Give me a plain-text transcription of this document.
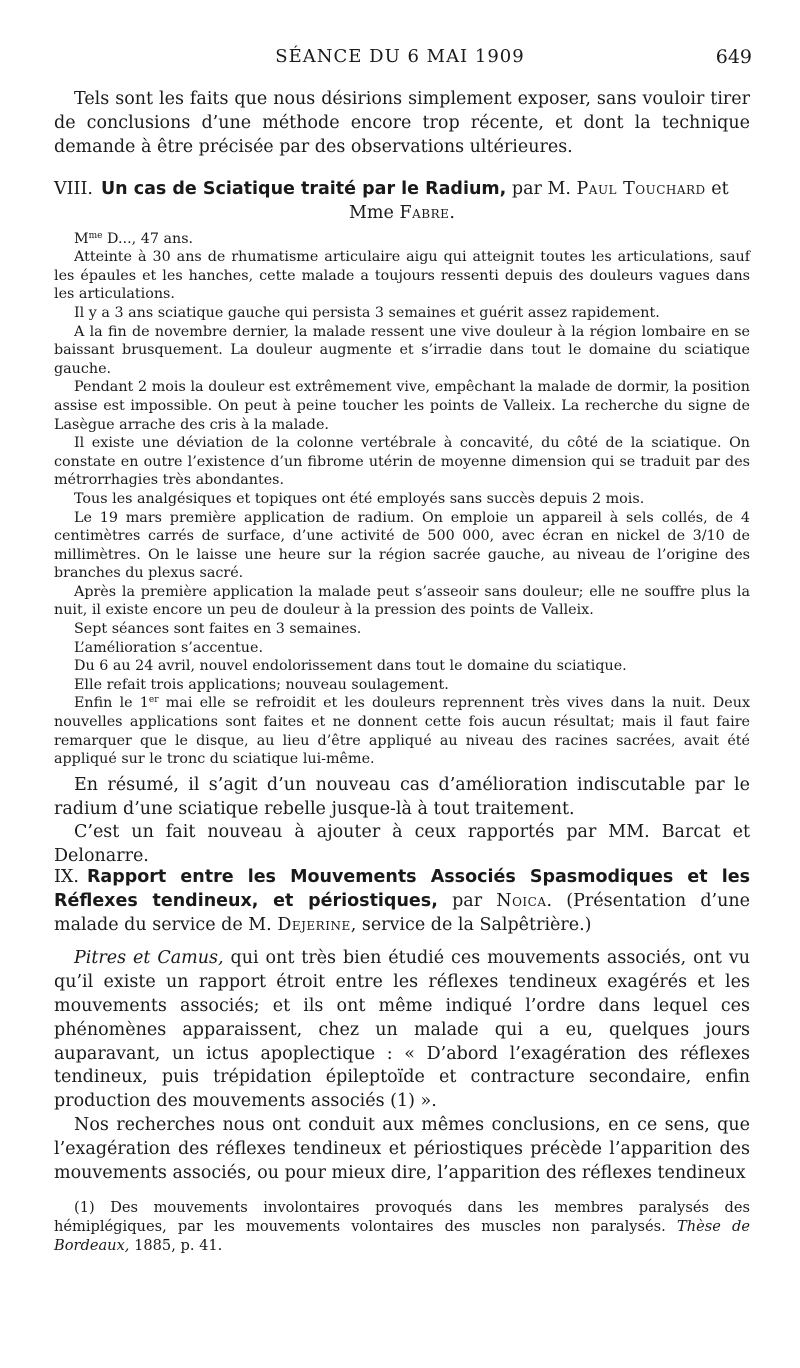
SÉANCE DU 6 MAI 1909	649

Tels sont les faits que nous désirions simplement exposer, sans vouloir tirer de conclusions d’une méthode encore trop récente, et dont la technique demande à être précisée par des observations ultérieures.

VIII. Un cas de Sciatique traité par le Radium, par M. Paul Touchard et
Mme Fabre.

$M^{me}$ D..., 47 ans.

Atteinte à 30 ans de rhumatisme articulaire aigu qui atteignit toutes les articulations, sauf les épaules et les hanches, cette malade a toujours ressenti depuis des douleurs vagues dans les articulations.

Il y a 3 ans sciatique gauche qui persista 3 semaines et guérit assez rapidement.

A la fin de novembre dernier, la malade ressent une vive douleur à la région lombaire en se baissant brusquement. La douleur augmente et s’irradie dans tout le domaine du sciatique gauche.

Pendant 2 mois la douleur est extrêmement vive, empêchant la malade de dormir, la position assise est impossible. On peut à peine toucher les points de Valleix. La recherche du signe de Lasègue arrache des cris à la malade.

Il existe une déviation de la colonne vertébrale à concavité, du côté de la sciatique. On constate en outre l’existence d’un fibrome utérin de moyenne dimension qui se traduit par des métrorrhagies très abondantes.

Tous les analgésiques et topiques ont été employés sans succès depuis 2 mois.

Le 19 mars première application de radium. On emploie un appareil à sels collés, de 4 centimètres carrés de surface, d’une activité de 500 000, avec écran en nickel de 3/10 de millimètres. On le laisse une heure sur la région sacrée gauche, au niveau de l’origine des branches du plexus sacré.

Après la première application la malade peut s’asseoir sans douleur; elle ne souffre plus la nuit, il existe encore un peu de douleur à la pression des points de Valleix.

Sept séances sont faites en 3 semaines.

L’amélioration s’accentue.

Du 6 au 24 avril, nouvel endolorissement dans tout le domaine du sciatique.

Elle refait trois applications; nouveau soulagement.

Enfin le 1er mai elle se refroidit et les douleurs reprennent très vives dans la nuit. Deux nouvelles applications sont faites et ne donnent cette fois aucun résultat; mais il faut faire remarquer que le disque, au lieu d’être appliqué au niveau des racines sacrées, avait été appliqué sur le tronc du sciatique lui-même.

En résumé, il s’agit d’un nouveau cas d’amélioration indiscutable par le radium d’une sciatique rebelle jusque-là à tout traitement.

C’est un fait nouveau à ajouter à ceux rapportés par MM. Barcat et Delonarre.

IX. Rapport entre les Mouvements Associés Spasmodiques et les Réflexes tendineux, et périostiques, par Noica. (Présentation d’une malade du service de M. Dejerine, service de la Salpêtrière.)

Pitres et Camus, qui ont très bien étudié ces mouvements associés, ont vu qu’il existe un rapport étroit entre les réflexes tendineux exagérés et les mouvements associés; et ils ont même indiqué l’ordre dans lequel ces phénomènes apparaissent, chez un malade qui a eu, quelques jours auparavant, un ictus apoplectique : « D’abord l’exagération des réflexes tendineux, puis trépidation épileptoïde et contracture secondaire, enfin production des mouvements associés (1) ».

Nos recherches nous ont conduit aux mêmes conclusions, en ce sens, que l’exagération des réflexes tendineux et périostiques précède l’apparition des mouvements associés, ou pour mieux dire, l’apparition des réflexes tendineux

(1) Des mouvements involontaires provoqués dans les membres paralysés des hémiplégiques, par les mouvements volontaires des muscles non paralysés. Thèse de Bordeaux, 1885, p. 41.
